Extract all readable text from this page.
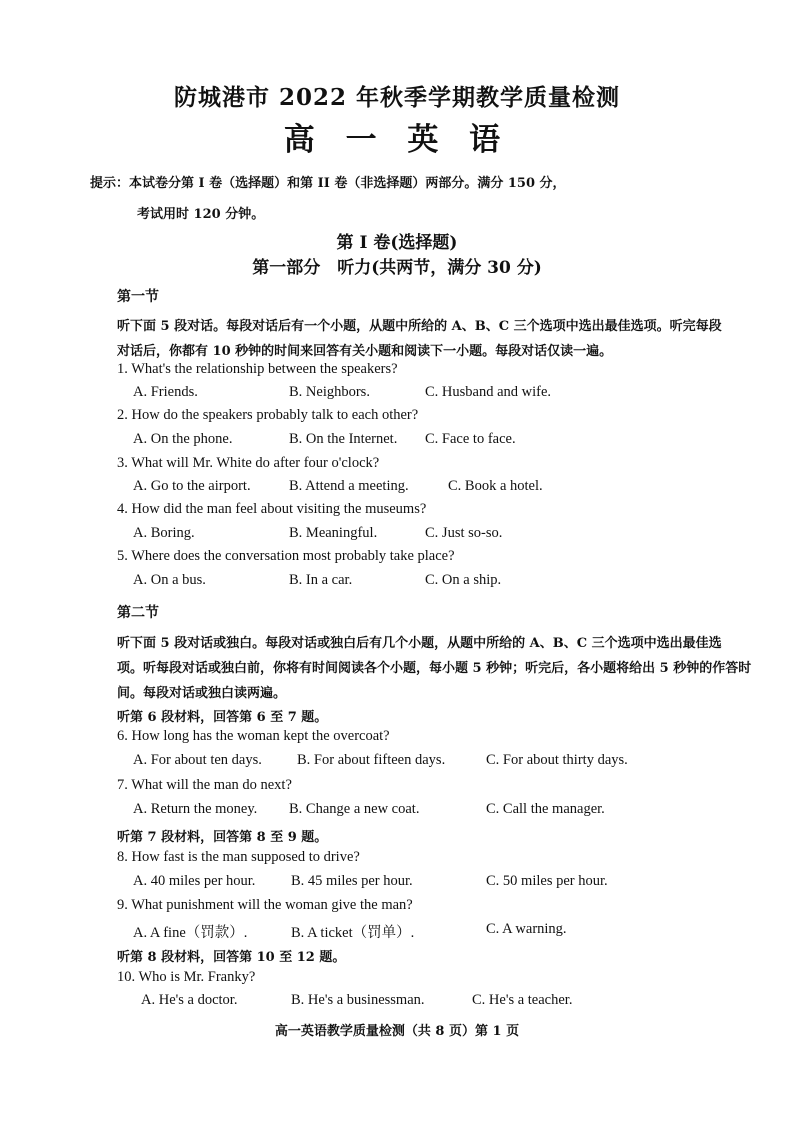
防城港市 2022 年秋季学期教学质量检测
高 一 英 语
提示：本试卷分第 I 卷（选择题）和第 II 卷（非选择题）两部分。满分 150 分，
考试用时 120 分钟。
第 I 卷(选择题)
第一部分　听力(共两节，满分 30 分)
第一节
听下面 5 段对话。每段对话后有一个小题，从题中所给的 A、B、C 三个选项中选出最佳选项。听完每段
对话后，你都有 10 秒钟的时间来回答有关小题和阅读下一小题。每段对话仅读一遍。
1. What's the relationship between the speakers?
A. Friends.	B. Neighbors.	C. Husband and wife.
2. How do the speakers probably talk to each other?
A. On the phone.	B. On the Internet. C. Face to face.
3. What will Mr. White do after four o'clock?
A. Go to the airport.	B. Attend a meeting.	C. Book a hotel.
4. How did the man feel about visiting the museums?
A. Boring.	B. Meaningful.	C. Just so-so.
5. Where does the conversation most probably take place?
A. On a bus.	B. In a car.	C. On a ship.
第二节
听下面 5 段对话或独白。每段对话或独白后有几个小题，从题中所给的 A、B、C 三个选项中选出最佳选
项。听每段对话或独白前，你将有时间阅读各个小题，每小题 5 秒钟；听完后，各小题将给出 5 秒钟的作答时
间。每段对话或独白读两遍。
听第 6 段材料，回答第 6 至 7 题。
6. How long has the woman kept the overcoat?
A. For about ten days. B. For about fifteen days.	C. For about thirty days.
7. What will the man do next?
A. Return the money. B. Change a new coat.	C. Call the manager.
听第 7 段材料，回答第 8 至 9 题。
8. How fast is the man supposed to drive?
A. 40 miles per hour. B. 45 miles per hour.	C. 50 miles per hour.
9. What punishment will the woman give the man?
A. A fine（罚款）.	B. A ticket（罚单）.	C. A warning.
听第 8 段材料，回答第 10 至 12 题。
10. Who is Mr. Franky?
A. He's a doctor.	B. He's a businessman.	C. He's a teacher.
高一英语教学质量检测（共 8 页）第 1 页
